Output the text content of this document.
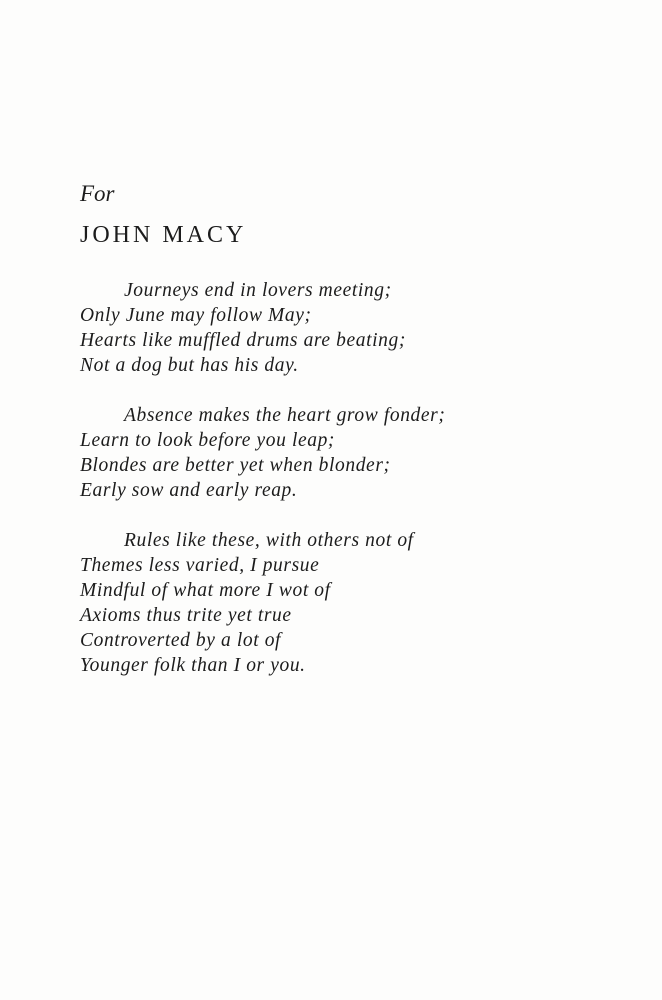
For

JOHN MACY

Journeys end in lovers meeting;
Only June may follow May;
Hearts like muffled drums are beating;
Not a dog but has his day.
Absence makes the heart grow fonder;
Learn to look before you leap;
Blondes are better yet when blonder;
Early sow and early reap.
Rules like these, with others not of
Themes less varied, I pursue
Mindful of what more I wot of
Axioms thus trite yet true
Controverted by a lot of
Younger folk than I or you.
